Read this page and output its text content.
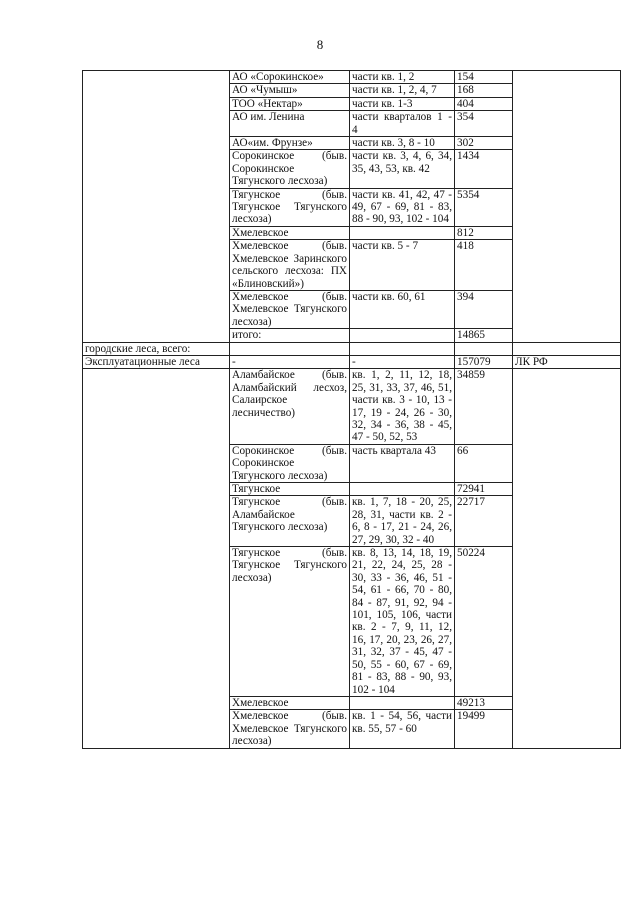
8
	АО «Сорокинское»	части кв. 1, 2	154	
	АО «Чумыш»	части кв. 1, 2, 4, 7	168	
	ТОО «Нектар»	части кв. 1-3	404	
	АО им. Ленина	части кварталов 1 - 4	354	
	АО«им. Фрунзе»	части кв. 3, 8 - 10	302	
	Сорокинское (быв. Сорокинское Тягунского лесхоза)	части кв. 3, 4, 6, 34, 35, 43, 53, кв. 42	1434	
	Тягунское (быв. Тягунское Тягунского лесхоза)	части кв. 41, 42, 47 - 49, 67 - 69, 81 - 83, 88 - 90, 93, 102 - 104	5354	
	Хмелевское		812	
	Хмелевское (быв. Хмелевское Заринского сельского лесхоза: ПХ «Блиновский»)	части кв. 5 - 7	418	
	Хмелевское (быв. Хмелевское Тягунского лесхоза)	части кв. 60, 61	394	
	итого:		14865	
городские леса, всего:				
Эксплуатационные леса	-	-	157079	ЛК РФ
	Аламбайское (быв. Аламбайский лесхоз, Салаирское лесничество)	кв. 1, 2, 11, 12, 18, 25, 31, 33, 37, 46, 51, части кв. 3 - 10, 13 - 17, 19 - 24, 26 - 30, 32, 34 - 36, 38 - 45, 47 - 50, 52, 53	34859	
	Сорокинское (быв. Сорокинское Тягунского лесхоза)	часть квартала 43	66	
	Тягунское		72941	
	Тягунское (быв. Аламбайское Тягунского лесхоза)	кв. 1, 7, 18 - 20, 25, 28, 31, части кв. 2 - 6, 8 - 17, 21 - 24, 26, 27, 29, 30, 32 - 40	22717	
	Тягунское (быв. Тягунское Тягунского лесхоза)	кв. 8, 13, 14, 18, 19, 21, 22, 24, 25, 28 - 30, 33 - 36, 46, 51 - 54, 61 - 66, 70 - 80, 84 - 87, 91, 92, 94 - 101, 105, 106, части кв. 2 - 7, 9, 11, 12, 16, 17, 20, 23, 26, 27, 31, 32, 37 - 45, 47 - 50, 55 - 60, 67 - 69, 81 - 83, 88 - 90, 93, 102 - 104	50224	
	Хмелевское		49213	
	Хмелевское (быв. Хмелевское Тягунского лесхоза)	кв. 1 - 54, 56, части кв. 55, 57 - 60	19499	
